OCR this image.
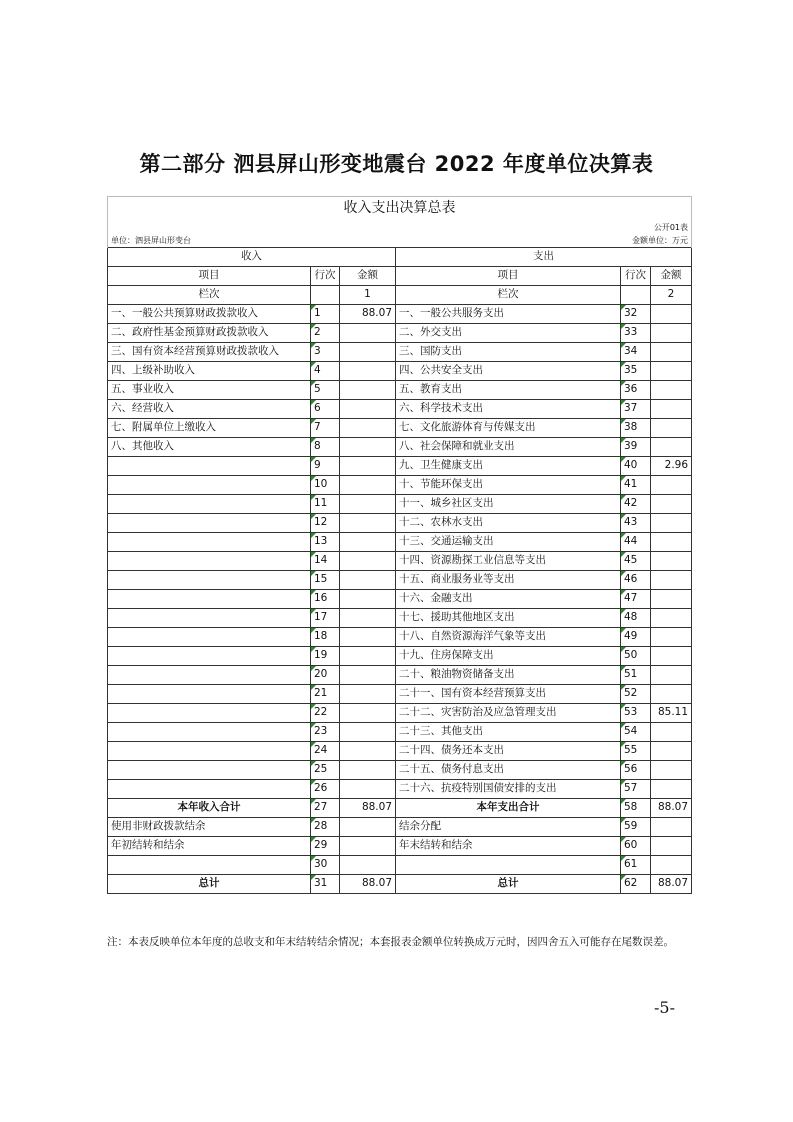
第二部分 泗县屏山形变地震台 2022 年度单位决算表
收入支出决算总表					
公开01表					
单位：泗县屏山形变台			金额单位：万元		
收入			支出		
项目	行次	金额	项目	行次	金额
栏次		1	栏次		2
一、一般公共预算财政拨款收入	1	88.07	一、一般公共服务支出	32	
二、政府性基金预算财政拨款收入	2		二、外交支出	33	
三、国有资本经营预算财政拨款收入	3		三、国防支出	34	
四、上级补助收入	4		四、公共安全支出	35	
五、事业收入	5		五、教育支出	36	
六、经营收入	6		六、科学技术支出	37	
七、附属单位上缴收入	7		七、文化旅游体育与传媒支出	38	
八、其他收入	8		八、社会保障和就业支出	39	
	9		九、卫生健康支出	40	2.96
	10		十、节能环保支出	41	
	11		十一、城乡社区支出	42	
	12		十二、农林水支出	43	
	13		十三、交通运输支出	44	
	14		十四、资源勘探工业信息等支出	45	
	15		十五、商业服务业等支出	46	
	16		十六、金融支出	47	
	17		十七、援助其他地区支出	48	
	18		十八、自然资源海洋气象等支出	49	
	19		十九、住房保障支出	50	
	20		二十、粮油物资储备支出	51	
	21		二十一、国有资本经营预算支出	52	
	22		二十二、灾害防治及应急管理支出	53	85.11
	23		二十三、其他支出	54	
	24		二十四、债务还本支出	55	
	25		二十五、债务付息支出	56	
	26		二十六、抗疫特别国债安排的支出	57	
本年收入合计	27	88.07	本年支出合计	58	88.07
使用非财政拨款结余	28		结余分配	59	
年初结转和结余	29		年末结转和结余	60	
	30			61	
总计	31	88.07	总计	62	88.07
注：本表反映单位本年度的总收支和年末结转结余情况；本套报表金额单位转换成万元时，因四舍五入可能存在尾数误差。
-5-
